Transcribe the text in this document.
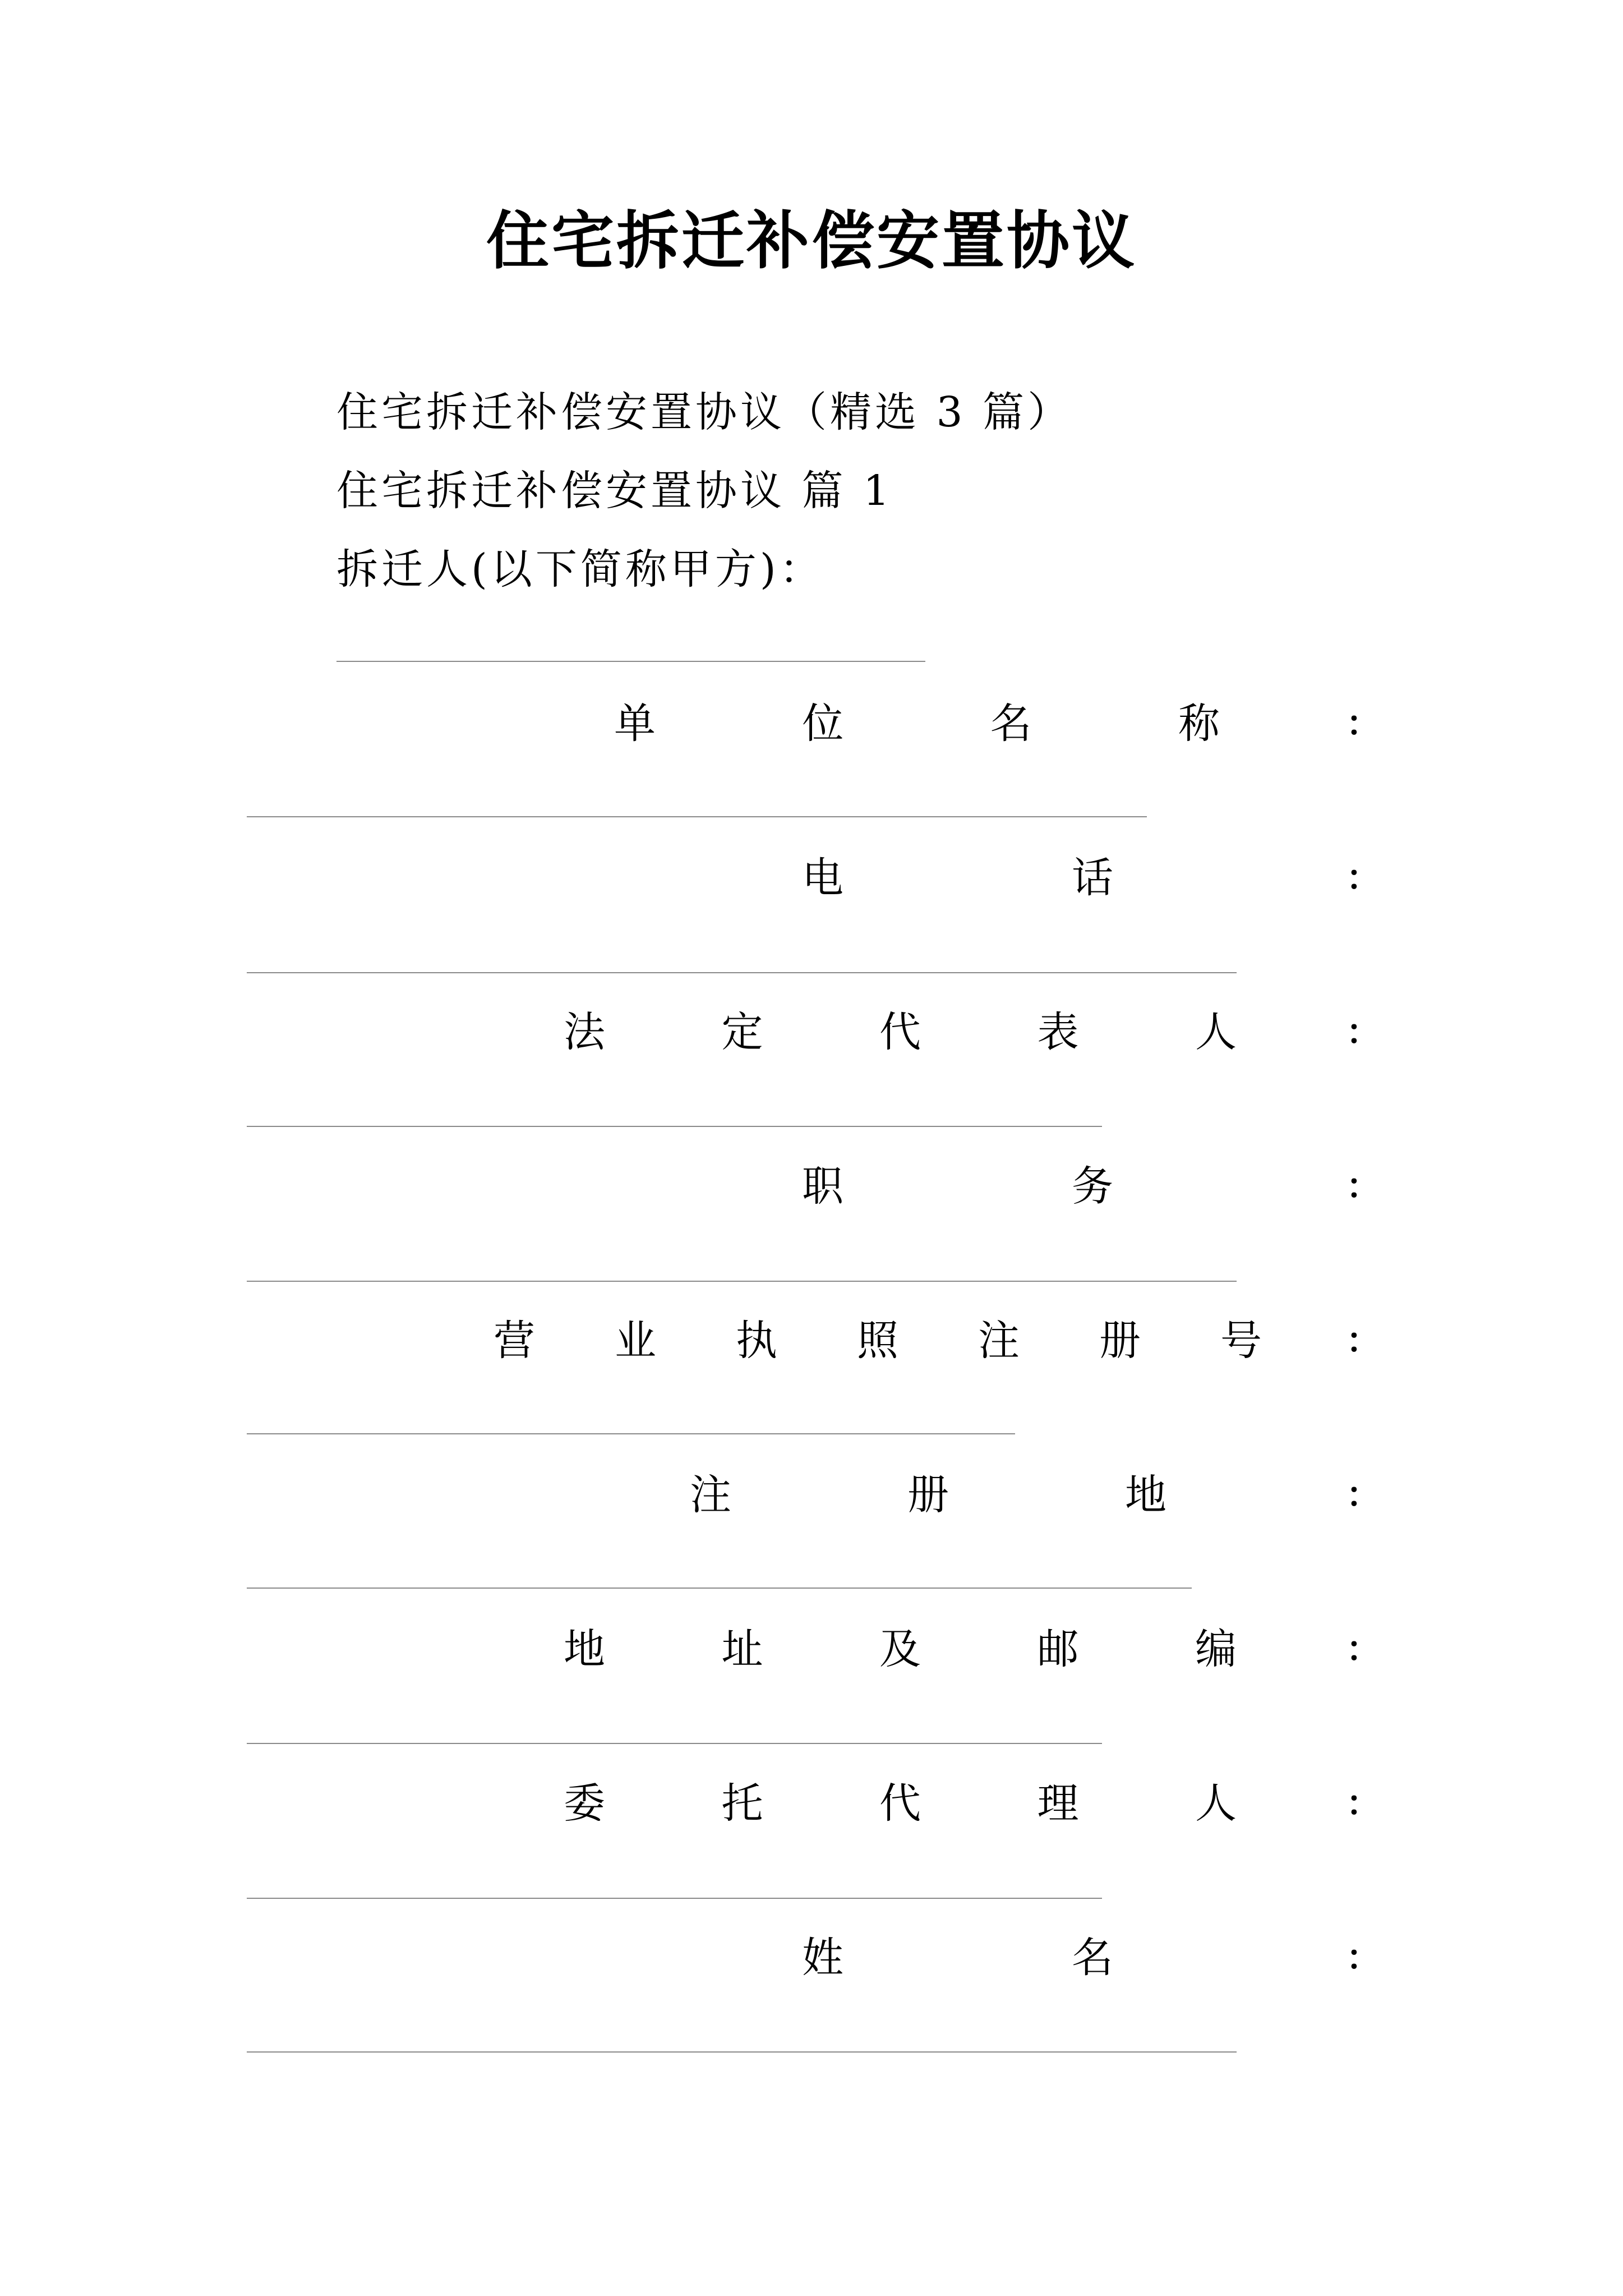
住宅拆迁补偿安置协议
住宅拆迁补偿安置协议（精选 3 篇）
住宅拆迁补偿安置协议 篇 1
拆迁人(以下简称甲方)：
单	位	名	称	：
电	话	：
法	定	代	表	人	：
职	务	：
营 业 执 照 注 册 号 ：
注	册	地	：
地	址	及	邮	编	：
委	托	代	理	人	：
姓	名	：
